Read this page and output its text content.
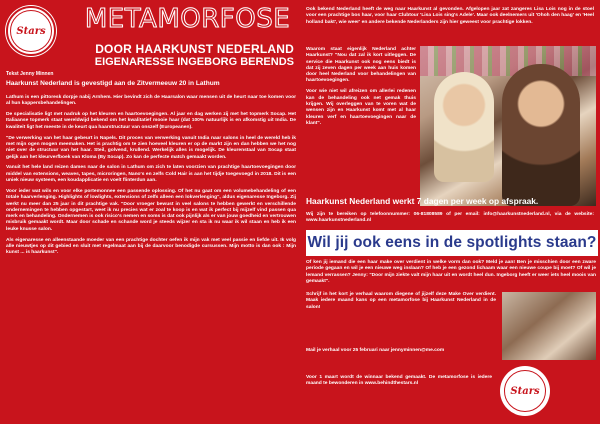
Stars METAMORFOSE
DOOR HAARKUNST NEDERLAND
EIGENARESSE INGEBORG BERENDS
Tekst Jenny Minnen
Haarkunst Nederland is gevestigd aan de Zitvermeeuw 20 in Lathum

Lathum is een pittoresk dorpje nabij Arnhem. Hier bevindt zich de Haarsalon waar mensen uit de heurt naar toe komen voor al hun kappersbehandelingen.

De specialisatie ligt met nadruk op het kleuren en haartoevoegingen. Al jaar en dag werken zij met het topmerk Socap. Het Italiaanse topmerk staat wereldwijd bekend om het kwalitatief mooie haar (dat 100% natuurlijk is en afkomstig uit India. De kwaliteit ligt het meeste in de keurt qua haarstructuur van onszelf (Europeanen).

"De verwerking van het haar gebeurt in Napels. Dit proces van verwerking vanuit India naar salons in heel de wereld heb ik met mijn ogen mogen meemaken. Het is prachtig om te zien hoeveel kleuren er op de markt zijn en dan hebben we het nog niet over de structuur van het haar. Steil, golvend, krullend. Werkelijk alles is mogelijk. De kleurenstaal van Socap staat gelijk aan het kleurverfboek van Kloma (By Socap). Zo kan de perfecte match gemaakt worden.

Vanuit het hele land reizen dames naar de salon in Lathum om zich te laten voorzien van prachtige haartoevoegingen door middel van extensions, weaves, tapes, microringen, Nano's en zelfs Cold Hair is aan het tijdje toegevoegd in 2018. Dit is een uniek nieuw systeem, een koudapplicatie en voelt flinterdun aan.

Voor ieder wat wils en voor elke portemonnee een passende oplossing. Of het nu gaat om een volumebehandeling of een totale haarverlenging. Highlights of lowlights, extensions of zelfs alleen een lokverlenging", aldus eigenaresse Ingeborg. Zij werkt nu meer dan 25 jaar in dit prachtige vak. "Door vroeger bewust in veel salons te hebben gewerkt en verschillende ondernemingen te hebben opgestart, weet ik nu precies wat er zoal te koop is en wat ik perfect bij mijzelf vind passen qua merk en behandeling. Ondernemen is ook risico's nemen en soms is dat ook pijnlijk als er van jouw goedheid en vertrouwen misbruik gemaakt wordt. Maar door schade en schande word je steeds wijzer en sta ik nu waar ik wil staan en heb ik een leuke knusse salon.

Als eigenaresse en alleenstaande moeder van een prachtige dochter oefen ik mijn vak met veel passie en liefde uit. Ik volg alle nieuwtjes op dit gebied en sluit met regelmaat aan bij de daarvoor benodigde cursussen. Mijn motto is dan ook : Mijn kunst ... is haarkunst".

Ook bekend Nederland heeft de weg naar Haarkunst al gevonden. Afgelopen jaar zat zangeres Lisa Lois nog in de stoel voor een prachtige bos haar, voor haar Clubtour 'Lisa Lois sing's Adele'. Maar ook deelnemers uit 'Ohoh den haag' en 'Heel holland bakt', wie weer' en andere bekende Nederlanders zijn hier geweest voor prachtige lokken.

Waarom staat eigenlijk Nederland achter Haarkunst? "Nou dat zal ik kort uitleggen. De service die Haarkunst ook nog eens biedt is dat zij zeven dagen per week aan huis komen door heel Nederland voor behandelingen van haartoevoegingen.

Voor wie niet wil afreizen om allerlei redenen kan de behandeling ook net gemak thuis krijgen. Wij overleggen van te voren wat de wensen zijn en Haarkunst komt met al haar kleuren verf en haartoevoegingen naar de klant".

Haarkunst Nederland werkt 7 dagen per week op afspraak.
Wij zijn te bereiken op telefoonnummer: 06-81808589 of per email: info@haarkunstnederland.nl, via de website: www.haarkunstnederland.nl
Wil jij ook eens in de spotlights staan?
Of ken jij iemand die een haar make over verdient in welke vorm dan ook? Meld je aan! Ben je misschien door een zware periode gegaan en wil je een nieuwe weg inslaan? Of heb je een gezond lichaam waar een nieuwe coupe bij moet? Of wil je lemand verrassen? Jenny: "Door mijn ziekte valt mijn haar uit en wordt heel dun. Ingeborg heeft er weer iets heel moois van gemaakt".
Schrijf in het kort je verhaal waarom diegene of jijzelf deze Make Over verdient. Maak iedere maand kans op een metamorfose bij Haarkunst Nederland in de salon!
Mail je verhaal voor 25 februari naar jennyminnen@me.com
Voor 1 maart wordt de winnaar bekend gemaakt. De metamorfose is iedere maand te bewonderen in www.behindthestars.nl
Stars
